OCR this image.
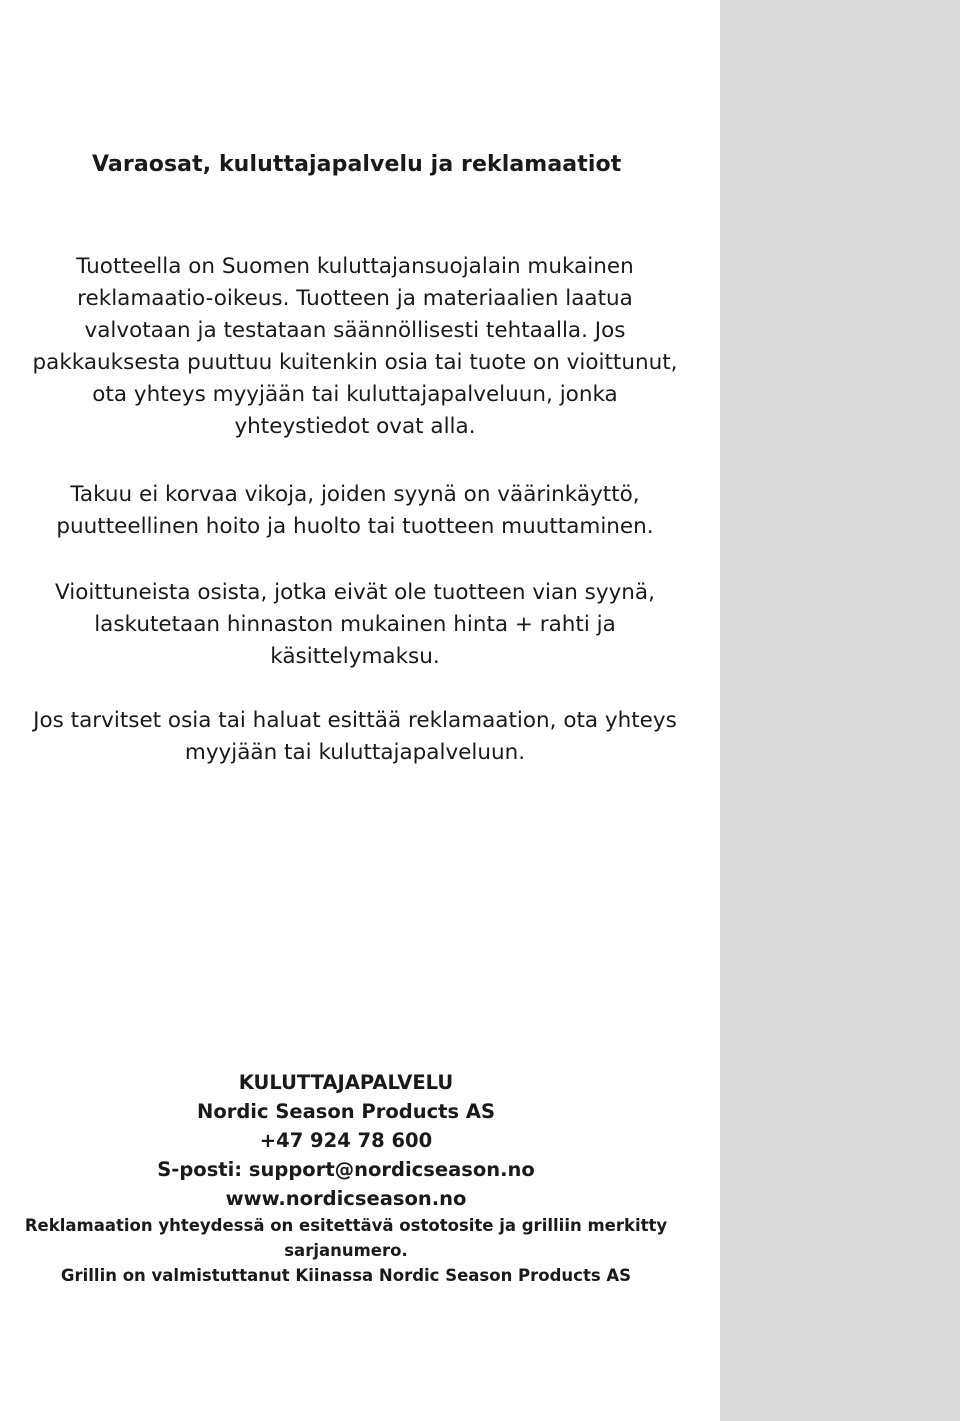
Varaosat, kuluttajapalvelu ja reklamaatiot

Tuotteella on Suomen kuluttajansuojalain mukainen
reklamaatio-oikeus. Tuotteen ja materiaalien laatua
valvotaan ja testataan säännöllisesti tehtaalla. Jos
pakkauksesta puuttuu kuitenkin osia tai tuote on vioittunut,
ota yhteys myyjään tai kuluttajapalveluun, jonka
yhteystiedot ovat alla.

Takuu ei korvaa vikoja, joiden syynä on väärinkäyttö,
puutteellinen hoito ja huolto tai tuotteen muuttaminen.

Vioittuneista osista, jotka eivät ole tuotteen vian syynä,
laskutetaan hinnaston mukainen hinta + rahti ja
käsittelymaksu.

Jos tarvitset osia tai haluat esittää reklamaation, ota yhteys
myyjään tai kuluttajapalveluun.

KULUTTAJAPALVELU
Nordic Season Products AS
+47 924 78 600
S-posti: support@nordicseason.no
www.nordicseason.no
Reklamaation yhteydessä on esitettävä ostotosite ja grilliin merkitty
sarjanumero.
Grillin on valmistuttanut Kiinassa Nordic Season Products AS
